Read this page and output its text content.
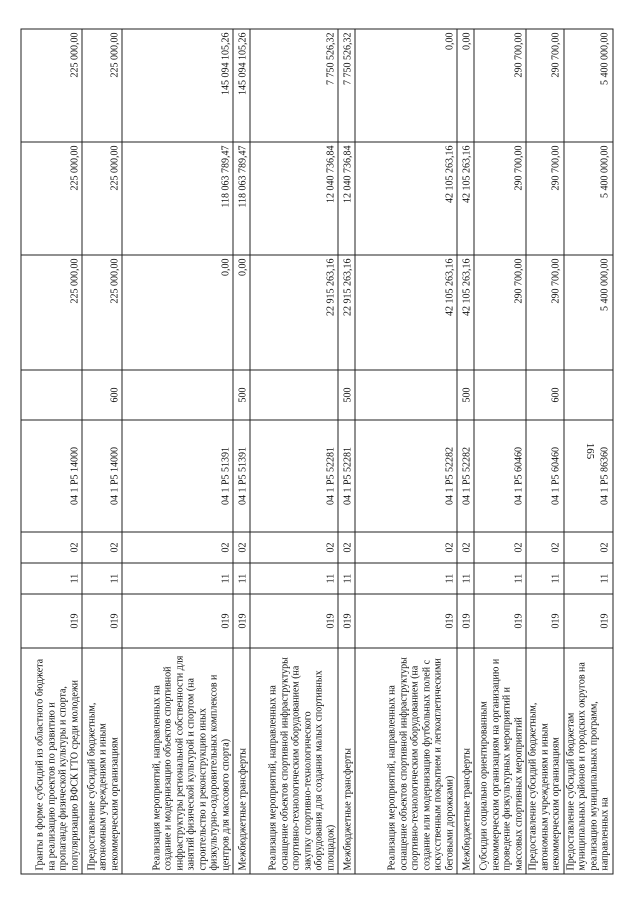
165
Гранты в форме субсидий из областного бюджета на реализацию проектов по развитию и пропаганде физической культуры и спорта, популяризацию ВФСК ГТО среди молодежи	019	11	02	04 1 Р5 14000		225 000,00	225 000,00	225 000,00
Предоставление субсидий бюджетным, автономным учреждениям и иным некоммерческим организациям	019	11	02	04 1 Р5 14000	600	225 000,00	225 000,00	225 000,00
Реализация мероприятий, направленных на создание и модернизацию объектов спортивной инфраструктуры региональной собственности для занятий физической культурой и спортом (на строительство и реконструкцию иных физкультурно-оздоровительных комплексов и центров для массового спорта)	019	11	02	04 1 Р5 51391		0,00	118 063 789,47	145 094 105,26
Межбюджетные трансферты	019	11	02	04 1 Р5 51391	500	0,00	118 063 789,47	145 094 105,26
Реализация мероприятий, направленных на оснащение объектов спортивной инфраструктуры спортивно-технологическим оборудованием (на закупку спортивно-технологического оборудования для создания малых спортивных площадок)	019	11	02	04 1 Р5 52281		22 915 263,16	12 040 736,84	7 750 526,32
Межбюджетные трансферты	019	11	02	04 1 Р5 52281	500	22 915 263,16	12 040 736,84	7 750 526,32
Реализация мероприятий, направленных на оснащение объектов спортивной инфраструктуры спортивно-технологическим оборудованием (на создание или модернизацию футбольных полей с искусственным покрытием и легкоатлетическими беговыми дорожками)	019	11	02	04 1 Р5 52282		42 105 263,16	42 105 263,16	0,00
Межбюджетные трансферты	019	11	02	04 1 Р5 52282	500	42 105 263,16	42 105 263,16	0,00
Субсидии социально ориентированным некоммерческим организациям на организацию и проведение физкультурных мероприятий и массовых спортивных мероприятий	019	11	02	04 1 Р5 60460		290 700,00	290 700,00	290 700,00
Предоставление субсидий бюджетным, автономным учреждениям и иным некоммерческим организациям	019	11	02	04 1 Р5 60460	600	290 700,00	290 700,00	290 700,00
Предоставление субсидий бюджетам муниципальных районов и городских округов на реализацию муниципальных программ, направленных на	019	11	02	04 1 Р5 86360		5 400 000,00	5 400 000,00	5 400 000,00
